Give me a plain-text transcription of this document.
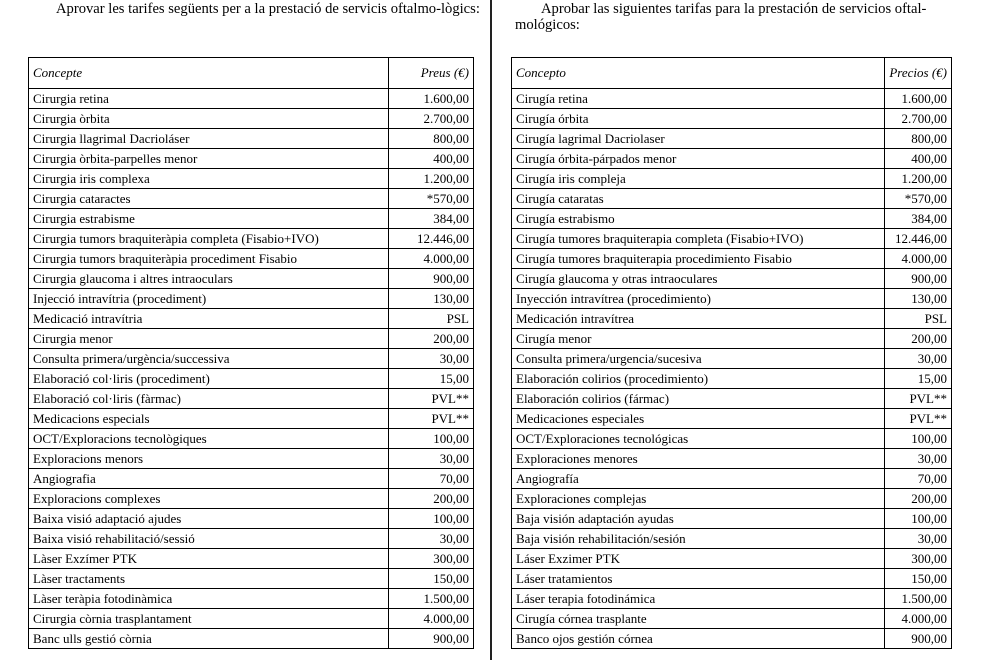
Aprovar les tarifes següents per a la prestació de servicis oftalmo-lògics:

Concepte	Preus (€)
Cirurgia retina	1.600,00
Cirurgia òrbita	2.700,00
Cirurgia llagrimal Dacrioláser	800,00
Cirurgia òrbita-parpelles menor	400,00
Cirurgia iris complexa	1.200,00
Cirurgia cataractes	*570,00
Cirurgia estrabisme	384,00
Cirurgia tumors braquiteràpia completa (Fisabio+IVO)	12.446,00
Cirurgia tumors braquiteràpia procediment Fisabio	4.000,00
Cirurgia glaucoma i altres intraoculars	900,00
Injecció intravítria (procediment)	130,00
Medicació intravítria	PSL
Cirurgia menor	200,00
Consulta primera/urgència/successiva	30,00
Elaboració col·liris (procediment)	15,00
Elaboració col·liris (fàrmac)	PVL**
Medicacions especials	PVL**
OCT/Exploracions tecnològiques	100,00
Exploracions menors	30,00
Angiografia	70,00
Exploracions complexes	200,00
Baixa visió adaptació ajudes	100,00
Baixa visió rehabilitació/sessió	30,00
Làser Exzímer PTK	300,00
Làser tractaments	150,00
Làser teràpia fotodinàmica	1.500,00
Cirurgia còrnia trasplantament	4.000,00
Banc ulls gestió còrnia	900,00

Aprobar las siguientes tarifas para la prestación de servicios oftal-mológicos:

Concepto	Precios (€)
Cirugía retina	1.600,00
Cirugía órbita	2.700,00
Cirugía lagrimal Dacriolaser	800,00
Cirugía órbita-párpados menor	400,00
Cirugía iris compleja	1.200,00
Cirugía cataratas	*570,00
Cirugía estrabismo	384,00
Cirugía tumores braquiterapia completa (Fisabio+IVO)	12.446,00
Cirugía tumores braquiterapia procedimiento Fisabio	4.000,00
Cirugía glaucoma y otras intraoculares	900,00
Inyección intravítrea (procedimiento)	130,00
Medicación intravítrea	PSL
Cirugía menor	200,00
Consulta primera/urgencia/sucesiva	30,00
Elaboración colirios (procedimiento)	15,00
Elaboración colirios (fármac)	PVL**
Medicaciones especiales	PVL**
OCT/Exploraciones tecnológicas	100,00
Exploraciones menores	30,00
Angiografía	70,00
Exploraciones complejas	200,00
Baja visión adaptación ayudas	100,00
Baja visión rehabilitación/sesión	30,00
Láser Exzimer PTK	300,00
Láser tratamientos	150,00
Láser terapia fotodinámica	1.500,00
Cirugía córnea trasplante	4.000,00
Banco ojos gestión córnea	900,00
